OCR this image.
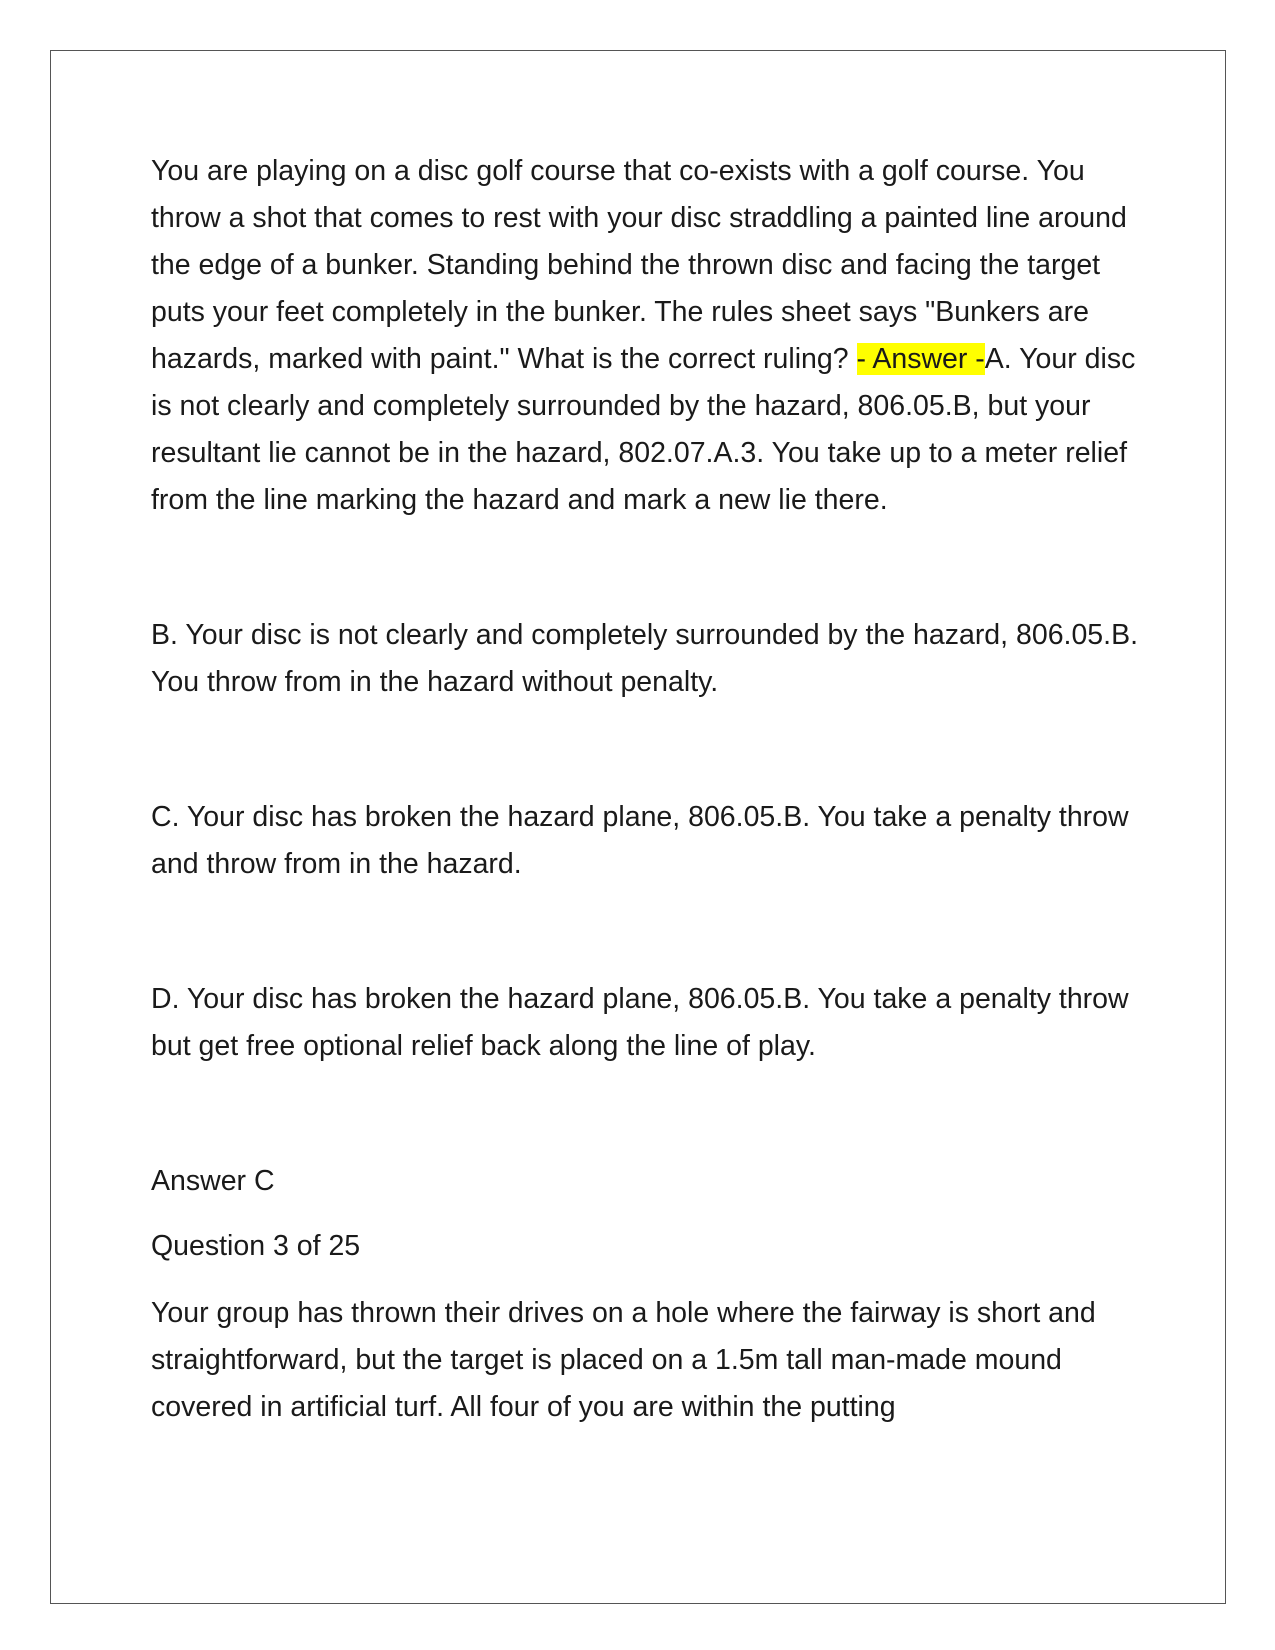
You are playing on a disc golf course that co-exists with a golf course. You throw a shot that comes to rest with your disc straddling a painted line around the edge of a bunker. Standing behind the thrown disc and facing the target puts your feet completely in the bunker. The rules sheet says "Bunkers are hazards, marked with paint." What is the correct ruling? - Answer -A. Your disc is not clearly and completely surrounded by the hazard, 806.05.B, but your resultant lie cannot be in the hazard, 802.07.A.3. You take up to a meter relief from the line marking the hazard and mark a new lie there.

B. Your disc is not clearly and completely surrounded by the hazard, 806.05.B. You throw from in the hazard without penalty.

C. Your disc has broken the hazard plane, 806.05.B. You take a penalty throw and throw from in the hazard.

D. Your disc has broken the hazard plane, 806.05.B. You take a penalty throw but get free optional relief back along the line of play.

Answer C

Question 3 of 25

Your group has thrown their drives on a hole where the fairway is short and straightforward, but the target is placed on a 1.5m tall man-made mound covered in artificial turf. All four of you are within the putting
